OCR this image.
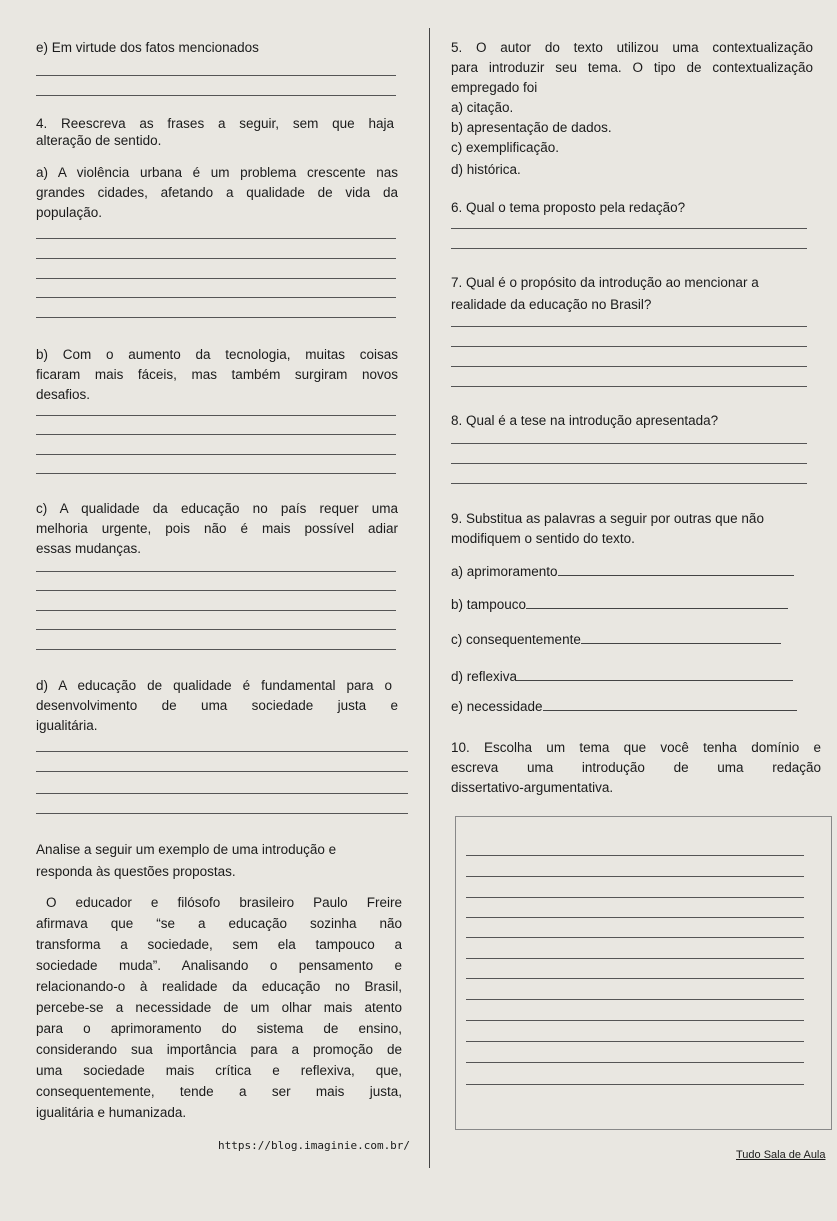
e) Em virtude dos fatos mencionados
4. Reescreva as frases a seguir, sem que haja
alteração de sentido.
a) A violência urbana é um problema crescente nas
grandes cidades, afetando a qualidade de vida da
população.
b) Com o aumento da tecnologia, muitas coisas
ficaram mais fáceis, mas também surgiram novos
desafios.
c) A qualidade da educação no país requer uma
melhoria urgente, pois não é mais possível adiar
essas mudanças.
d) A educação de qualidade é fundamental para o
desenvolvimento de uma sociedade justa e
igualitária.
Analise a seguir um exemplo de uma introdução e
responda às questões propostas.
O educador e filósofo brasileiro Paulo Freire
afirmava que “se a educação sozinha não
transforma a sociedade, sem ela tampouco a
sociedade muda”. Analisando o pensamento e
relacionando-o à realidade da educação no Brasil,
percebe-se a necessidade de um olhar mais atento
para o aprimoramento do sistema de ensino,
considerando sua importância para a promoção de
uma sociedade mais crítica e reflexiva, que,
consequentemente, tende a ser mais justa,
igualitária e humanizada.
https://blog.imaginie.com.br/
5. O autor do texto utilizou uma contextualização
para introduzir seu tema. O tipo de contextualização
empregado foi
a) citação.
b) apresentação de dados.
c) exemplificação.
d) histórica.
6. Qual o tema proposto pela redação?
7. Qual é o propósito da introdução ao mencionar a
realidade da educação no Brasil?
8. Qual é a tese na introdução apresentada?
9. Substitua as palavras a seguir por outras que não
modifiquem o sentido do texto.
a) aprimoramento
b) tampouco
c) consequentemente
d) reflexiva
e) necessidade
10. Escolha um tema que você tenha domínio e
escreva uma introdução de uma redação
dissertativo-argumentativa.
Tudo Sala de Aula
